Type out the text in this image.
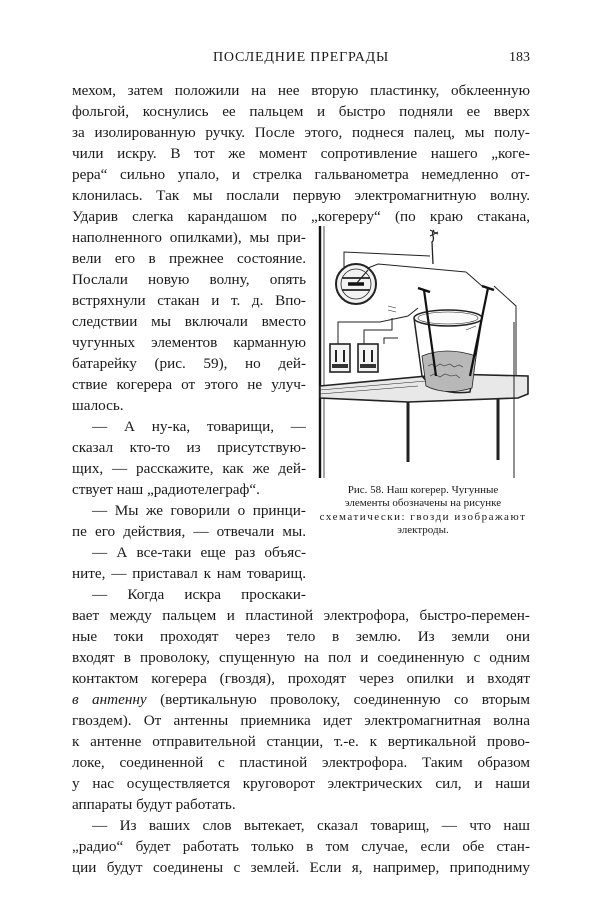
ПОСЛЕДНИЕ ПРЕГРАДЫ	183
мехом, затем положили на нее вторую пластинку, обклеенную
фольгой, коснулись ее пальцем и быстро подняли ее вверх
за изолированную ручку. После этого, поднеся палец, мы полу-
чили искру. В тот же момент сопротивление нашего „коге-
рера“ сильно упало, и стрелка гальванометра немедленно от-
клонилась. Так мы послали первую электромагнитную волну.
Ударив слегка карандашом по „когереру“ (по краю стакана,
наполненного опилками), мы при-
вели его в прежнее состояние.
Послали новую волну, опять
встряхнули стакан и т. д. Впо-
следствии мы включали вместо
чугунных элементов карманную
батарейку (рис. 59), но дей-
ствие когерера от этого не улуч-
шалось.
— А ну-ка, товарищи, —
сказал кто-то из присутствую-
щих, — расскажите, как же дей-
ствует наш „радиотелеграф“.
— Мы же говорили о принци-
пе его действия, — отвечали мы.
— А все-таки еще раз объяс-
ните, — приставал к нам товарищ.
— Когда искра проскаки-
вает между пальцем и пластиной электрофора, быстро-перемен-
ные токи проходят через тело в землю. Из земли они
входят в проволоку, спущенную на пол и соединенную с одним
контактом когерера (гвоздя), проходят через опилки и входят
в антенну (вертикальную проволоку, соединенную со вторым
гвоздем). От антенны приемника идет электромагнитная волна
к антенне отправительной станции, т.-е. к вертикальной прово-
локе, соединенной с пластиной электрофора. Таким образом
у нас осуществляется круговорот электрических сил, и наши
аппараты будут работать.
— Из ваших слов вытекает, сказал товарищ, — что наш
„радио“ будет работать только в том случае, если обе стан-
ции будут соединены с землей. Если я, например, приподниму
Рис. 58. Наш когерер. Чугунные
элементы обозначены на рисунке
схематически: гвозди изображают
электроды.
